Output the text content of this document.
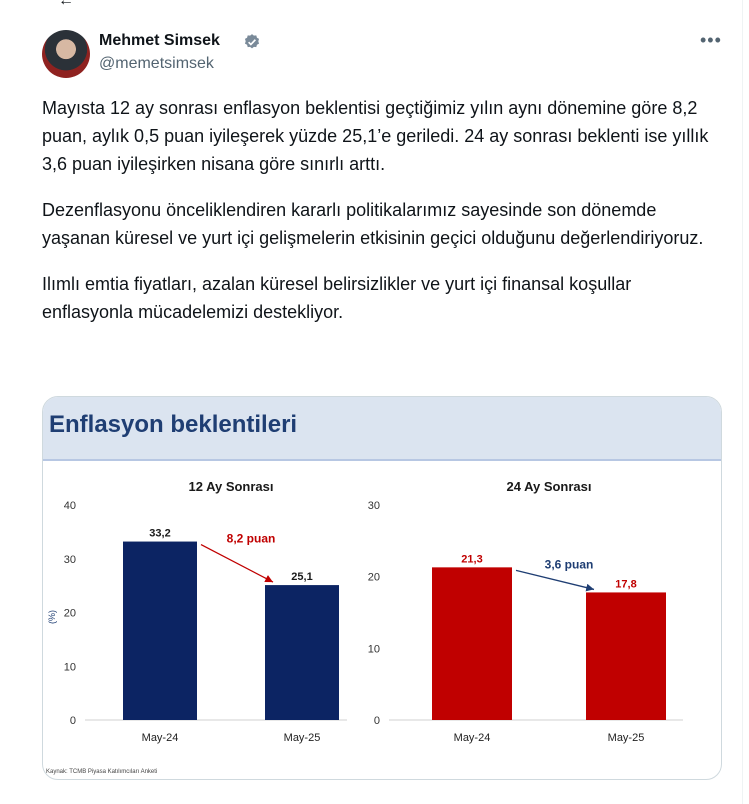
←
Mehmet Simsek
@memetsimsek
•••

Mayısta 12 ay sonrası enflasyon beklentisi geçtiğimiz yılın aynı dönemine göre 8,2 puan, aylık 0,5 puan iyileşerek yüzde 25,1’e geriledi. 24 ay sonrası beklenti ise yıllık 3,6 puan iyileşirken nisana göre sınırlı arttı.

Dezenflasyonu önceliklendiren kararlı politikalarımız sayesinde son dönemde yaşanan küresel ve yurt içi gelişmelerin etkisinin geçici olduğunu değerlendiriyoruz.

Ilımlı emtia fiyatları, azalan küresel belirsizlikler ve yurt içi finansal koşullar enflasyonla mücadelemizi destekliyor.

Enflasyon beklentileri
12 Ay Sonrası
0
10
20
30
40
(%)
33,2
May-24
25,1
May-25
8,2 puan
24 Ay Sonrası
0
10
20
30
21,3
May-24
17,8
May-25
3,6 puan
Kaynak: TCMB Piyasa Katılımcıları Anketi
